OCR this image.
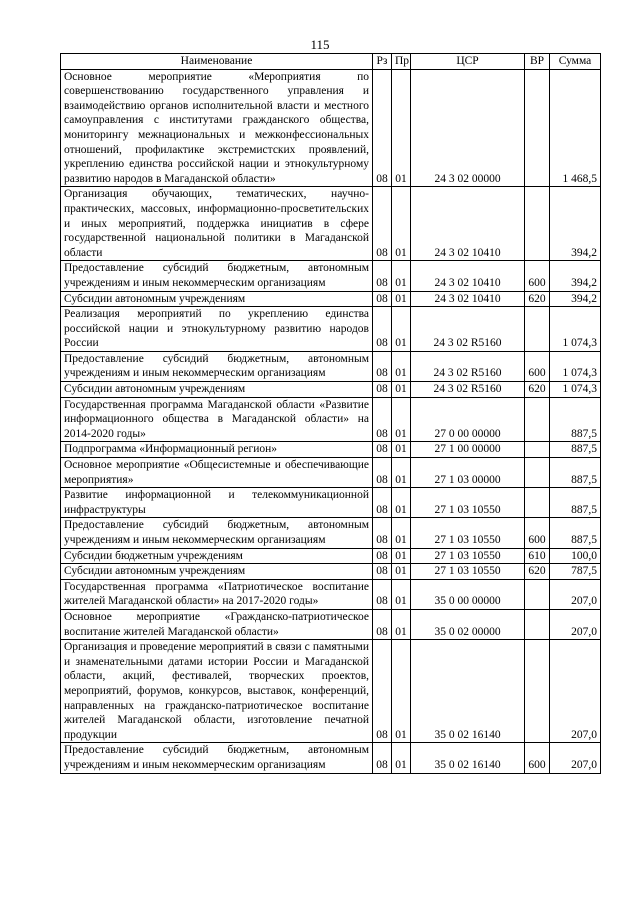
115
Наименование	Рз	Пр	ЦСР	ВР	Сумма
Основное мероприятие «Мероприятия по совершенствованию государственного управления и взаимодействию органов исполнительной власти и местного самоуправления с институтами гражданского общества, мониторингу межнациональных и межконфессиональных отношений, профилактике экстремистских проявлений, укреплению единства российской нации и этнокультурному развитию народов в Магаданской области»	08	01	24 3 02 00000		1 468,5
Организация обучающих, тематических, научно-практических, массовых, информационно-просветительских и иных мероприятий, поддержка инициатив в сфере государственной национальной политики в Магаданской области	08	01	24 3 02 10410		394,2
Предоставление субсидий бюджетным, автономным учреждениям и иным некоммерческим организациям	08	01	24 3 02 10410	600	394,2
Субсидии автономным учреждениям	08	01	24 3 02 10410	620	394,2
Реализация мероприятий по укреплению единства российской нации и этнокультурному развитию народов России	08	01	24 3 02 R5160		1 074,3
Предоставление субсидий бюджетным, автономным учреждениям и иным некоммерческим организациям	08	01	24 3 02 R5160	600	1 074,3
Субсидии автономным учреждениям	08	01	24 3 02 R5160	620	1 074,3
Государственная программа Магаданской области «Развитие информационного общества в Магаданской области» на 2014-2020 годы»	08	01	27 0 00 00000		887,5
Подпрограмма «Информационный регион»	08	01	27 1 00 00000		887,5
Основное мероприятие «Общесистемные и обеспечивающие мероприятия»	08	01	27 1 03 00000		887,5
Развитие информационной и телекоммуникационной инфраструктуры	08	01	27 1 03 10550		887,5
Предоставление субсидий бюджетным, автономным учреждениям и иным некоммерческим организациям	08	01	27 1 03 10550	600	887,5
Субсидии бюджетным учреждениям	08	01	27 1 03 10550	610	100,0
Субсидии автономным учреждениям	08	01	27 1 03 10550	620	787,5
Государственная программа «Патриотическое воспитание жителей Магаданской области» на 2017-2020 годы»	08	01	35 0 00 00000		207,0
Основное мероприятие «Гражданско-патриотическое воспитание жителей Магаданской области»	08	01	35 0 02 00000		207,0
Организация и проведение мероприятий в связи с памятными и знаменательными датами истории России и Магаданской области, акций, фестивалей, творческих проектов, мероприятий, форумов, конкурсов, выставок, конференций, направленных на гражданско-патриотическое воспитание жителей Магаданской области, изготовление печатной продукции	08	01	35 0 02 16140		207,0
Предоставление субсидий бюджетным, автономным учреждениям и иным некоммерческим организациям	08	01	35 0 02 16140	600	207,0
